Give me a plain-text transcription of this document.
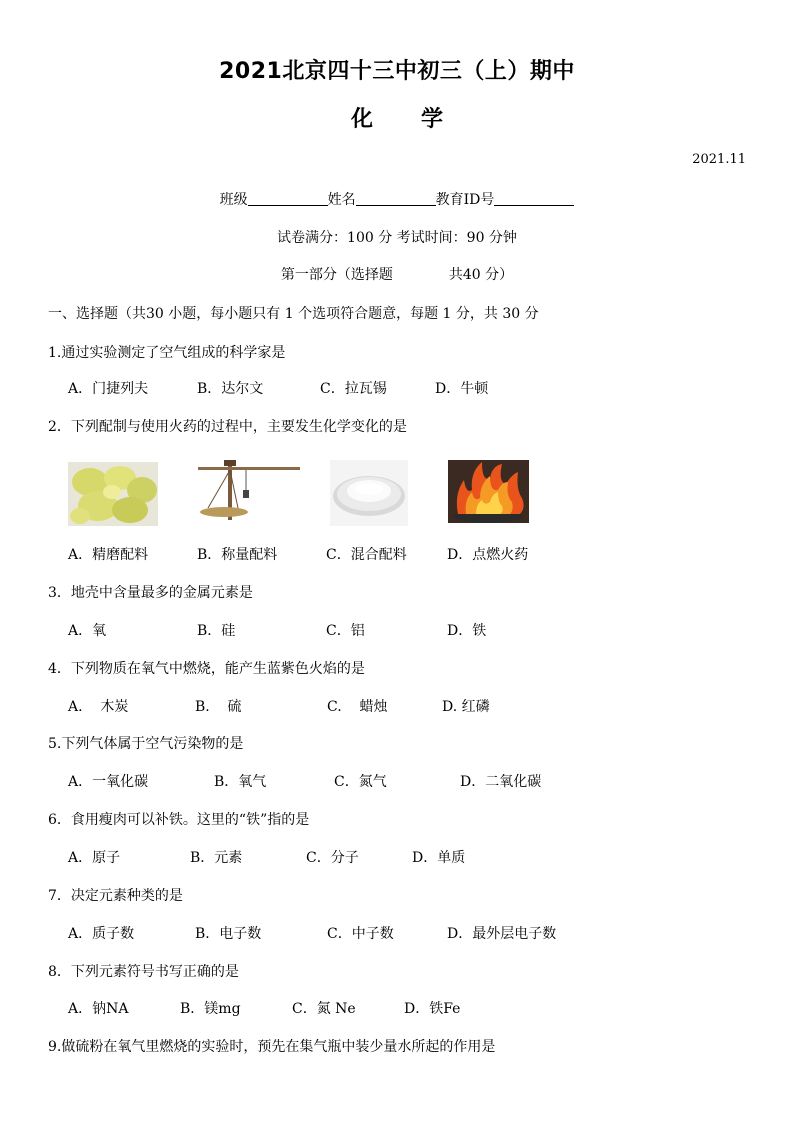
2021北京四十三中初三（上）期中
化 学
2021.11
班级	姓名	教育ID号
试卷满分：100 分 考试时间：90 分钟
第一部分（选择题	共40 分）
一、选择题（共30 小题，每小题只有 1 个选项符合题意，每题 1 分，共 30 分
1.通过实验测定了空气组成的科学家是
A．门捷列夫	B．达尔文	C．拉瓦锡	D．牛顿
2．下列配制与使用火药的过程中，主要发生化学变化的是
A．精磨配料	B．称量配料	C．混合配料	D．点燃火药
3．地壳中含量最多的金属元素是
A．氧	B．硅	C．铝	D．铁
4．下列物质在氧气中燃烧，能产生蓝紫色火焰的是
A.    木炭	B.    硫	C.    蜡烛	D. 红磷
5.下列气体属于空气污染物的是
A．一氧化碳	B．氧气	C．氮气	D．二氧化碳
6．食用瘦肉可以补铁。这里的“铁”指的是
A．原子	B．元素	C．分子	D．单质
7．决定元素种类的是
A．质子数	B．电子数	C．中子数	D．最外层电子数
8．下列元素符号书写正确的是
A．钠NA	B．镁mg	C．氮 Ne	D．铁Fe
9.做硫粉在氧气里燃烧的实验时，预先在集气瓶中装少量水所起的作用是
